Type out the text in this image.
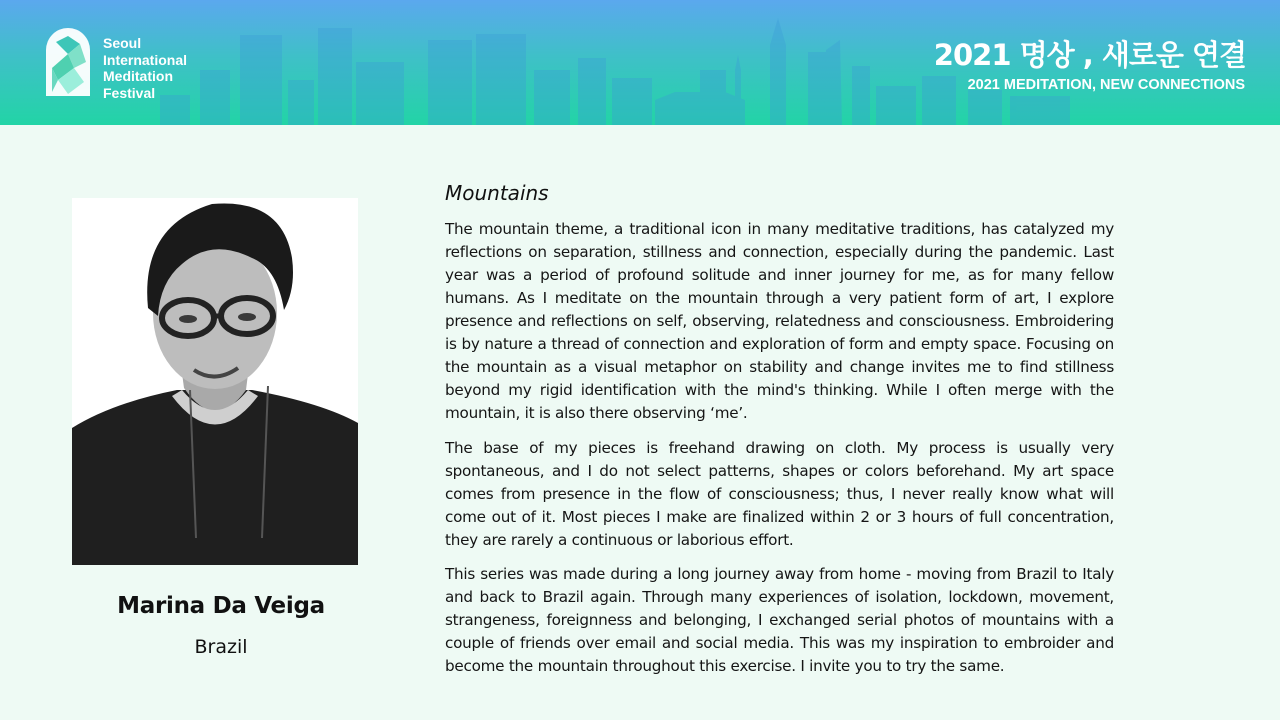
Seoul
International
Meditation
Festival
2021 명상 , 새로운 연결
2021 MEDITATION, NEW CONNECTIONS
Marina Da Veiga
Brazil
Mountains
The mountain theme, a traditional icon in many meditative traditions, has catalyzed my reflections on separation, stillness and connection, especially during the pandemic. Last year was a period of profound solitude and inner journey for me, as for many fellow humans. As I meditate on the mountain through a very patient form of art, I explore presence and reflections on self, observing, relatedness and consciousness. Embroidering is by nature a thread of connection and exploration of form and empty space. Focusing on the mountain as a visual metaphor on stability and change invites me to find stillness beyond my rigid identification with the mind's thinking. While I often merge with the mountain, it is also there observing ‘me’.
The base of my pieces is freehand drawing on cloth. My process is usually very spontaneous, and I do not select patterns, shapes or colors beforehand. My art space comes from presence in the flow of consciousness; thus, I never really know what will come out of it. Most pieces I make are finalized within 2 or 3 hours of full concentration, they are rarely a continuous or laborious effort.
This series was made during a long journey away from home - moving from Brazil to Italy and back to Brazil again. Through many experiences of isolation, lockdown, movement, strangeness, foreignness and belonging, I exchanged serial photos of mountains with a couple of friends over email and social media. This was my inspiration to embroider and become the mountain throughout this exercise. I invite you to try the same.
